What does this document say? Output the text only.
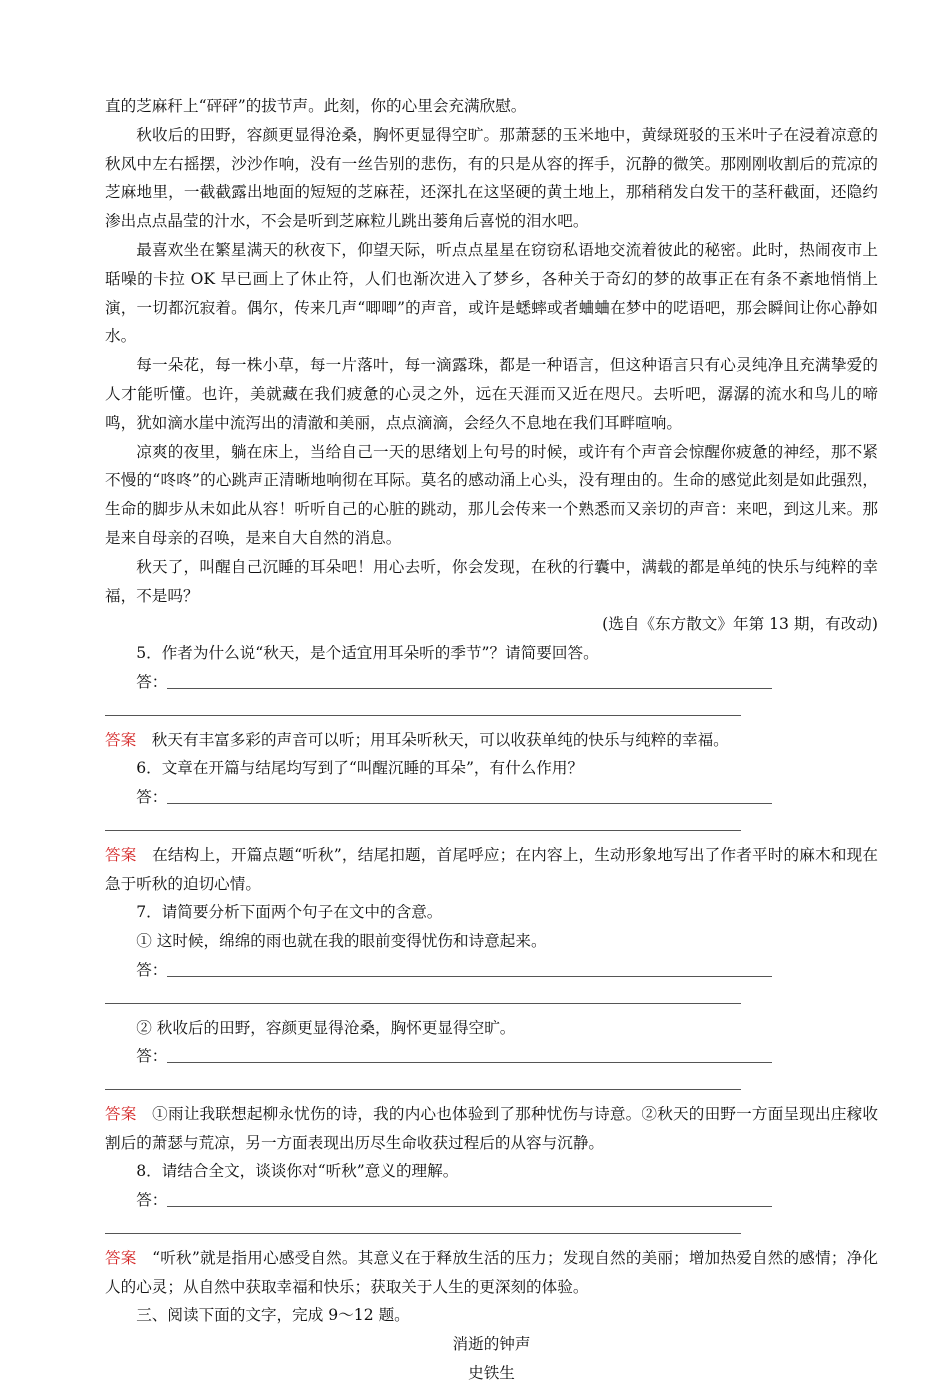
直的芝麻秆上“砰砰”的拔节声。此刻，你的心里会充满欣慰。

秋收后的田野，容颜更显得沧桑，胸怀更显得空旷。那萧瑟的玉米地中，黄绿斑驳的玉米叶子在浸着凉意的秋风中左右摇摆，沙沙作响，没有一丝告别的悲伤，有的只是从容的挥手，沉静的微笑。那刚刚收割后的荒凉的芝麻地里，一截截露出地面的短短的芝麻茬，还深扎在这坚硬的黄土地上，那稍稍发白发干的茎秆截面，还隐约渗出点点晶莹的汁水，不会是听到芝麻粒儿跳出蒌角后喜悦的泪水吧。

最喜欢坐在繁星满天的秋夜下，仰望天际，听点点星星在窃窃私语地交流着彼此的秘密。此时，热闹夜市上聒噪的卡拉 OK 早已画上了休止符，人们也渐次进入了梦乡，各种关于奇幻的梦的故事正在有条不紊地悄悄上演，一切都沉寂着。偶尔，传来几声“唧唧”的声音，或许是蟋蟀或者蛐蛐在梦中的呓语吧，那会瞬间让你心静如水。

每一朵花，每一株小草，每一片落叶，每一滴露珠，都是一种语言，但这种语言只有心灵纯净且充满挚爱的人才能听懂。也许，美就藏在我们疲惫的心灵之外，远在天涯而又近在咫尺。去听吧，潺潺的流水和鸟儿的啼鸣，犹如滴水崖中流泻出的清澈和美丽，点点滴滴，会经久不息地在我们耳畔喧响。

凉爽的夜里，躺在床上，当给自己一天的思绪划上句号的时候，或许有个声音会惊醒你疲惫的神经，那不紧不慢的“咚咚”的心跳声正清晰地响彻在耳际。莫名的感动涌上心头，没有理由的。生命的感觉此刻是如此强烈，生命的脚步从未如此从容！听听自己的心脏的跳动，那儿会传来一个熟悉而又亲切的声音：来吧，到这儿来。那是来自母亲的召唤，是来自大自然的消息。

秋天了，叫醒自己沉睡的耳朵吧！用心去听，你会发现，在秋的行囊中，满载的都是单纯的快乐与纯粹的幸福，不是吗？

(选自《东方散文》年第 13 期，有改动)

5．作者为什么说“秋天，是个适宜用耳朵听的季节”？请简要回答。

答：

答案 秋天有丰富多彩的声音可以听；用耳朵听秋天，可以收获单纯的快乐与纯粹的幸福。

6．文章在开篇与结尾均写到了“叫醒沉睡的耳朵”，有什么作用？

答：

答案 在结构上，开篇点题“听秋”，结尾扣题，首尾呼应；在内容上，生动形象地写出了作者平时的麻木和现在急于听秋的迫切心情。

7．请简要分析下面两个句子在文中的含意。

① 这时候，绵绵的雨也就在我的眼前变得忧伤和诗意起来。

答：

② 秋收后的田野，容颜更显得沧桑，胸怀更显得空旷。

答：

答案 ①雨让我联想起柳永忧伤的诗，我的内心也体验到了那种忧伤与诗意。②秋天的田野一方面呈现出庄稼收割后的萧瑟与荒凉，另一方面表现出历尽生命收获过程后的从容与沉静。

8．请结合全文，谈谈你对“听秋”意义的理解。

答：

答案 “听秋”就是指用心感受自然。其意义在于释放生活的压力；发现自然的美丽；增加热爱自然的感情；净化人的心灵；从自然中获取幸福和快乐；获取关于人生的更深刻的体验。

三、阅读下面的文字，完成 9～12 题。

消逝的钟声

史铁生
